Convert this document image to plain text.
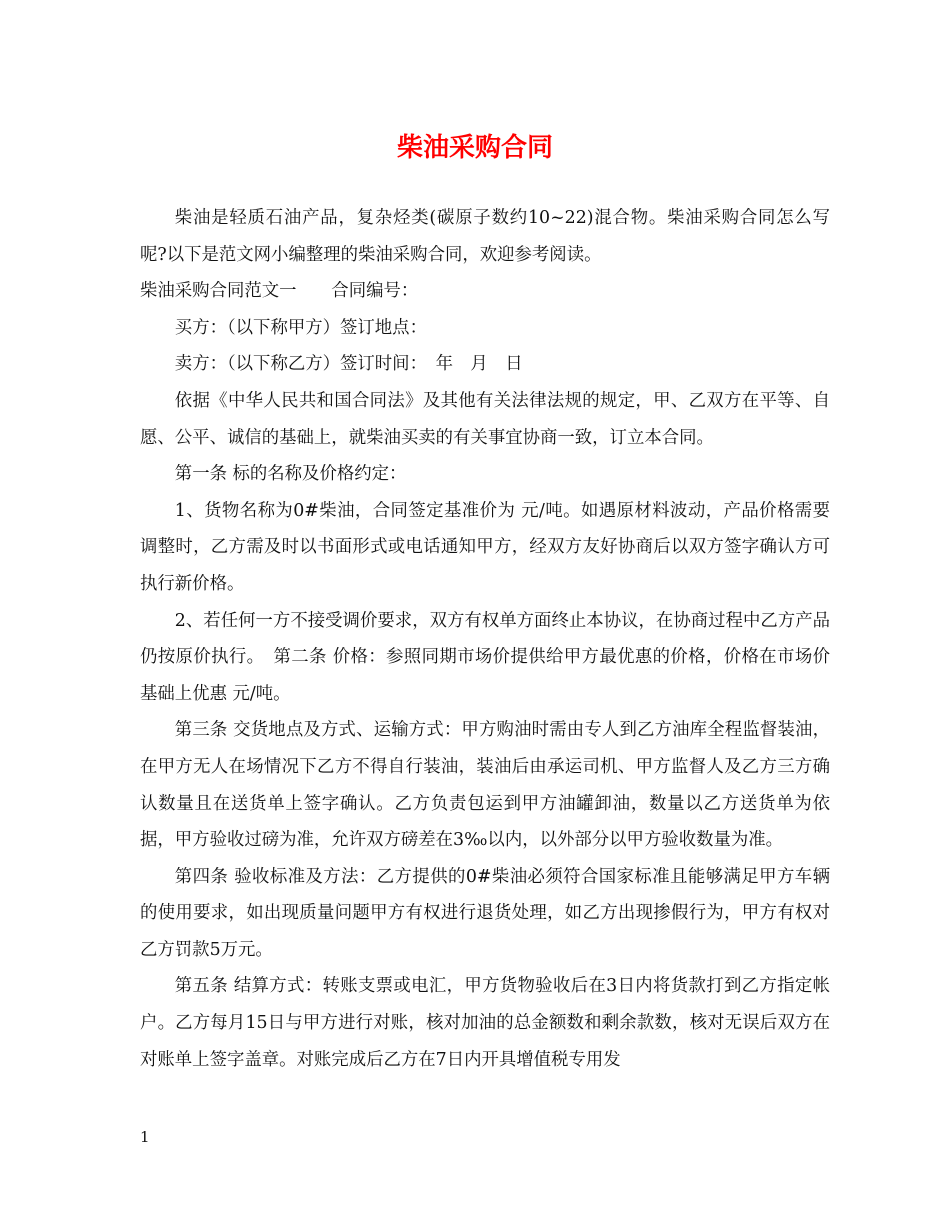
柴油采购合同

柴油是轻质石油产品，复杂烃类(碳原子数约10~22)混合物。柴油采购合同怎么写呢?以下是范文网小编整理的柴油采购合同，欢迎参考阅读。

柴油采购合同范文一　　合同编号：

买方：（以下称甲方）签订地点：

卖方：（以下称乙方）签订时间：　年　月　日

依据《中华人民共和国合同法》及其他有关法律法规的规定，甲、乙双方在平等、自愿、公平、诚信的基础上，就柴油买卖的有关事宜协商一致，订立本合同。

第一条 标的名称及价格约定：

1、货物名称为0#柴油，合同签定基准价为 元/吨。如遇原材料波动，产品价格需要调整时，乙方需及时以书面形式或电话通知甲方，经双方友好协商后以双方签字确认方可执行新价格。

2、若任何一方不接受调价要求，双方有权单方面终止本协议，在协商过程中乙方产品仍按原价执行。　第二条 价格：参照同期市场价提供给甲方最优惠的价格，价格在市场价基础上优惠 元/吨。

第三条 交货地点及方式、运输方式：甲方购油时需由专人到乙方油库全程监督装油，在甲方无人在场情况下乙方不得自行装油，装油后由承运司机、甲方监督人及乙方三方确认数量且在送货单上签字确认。乙方负责包运到甲方油罐卸油，数量以乙方送货单为依据，甲方验收过磅为准，允许双方磅差在3‰以内，以外部分以甲方验收数量为准。

第四条 验收标准及方法：乙方提供的0#柴油必须符合国家标准且能够满足甲方车辆的使用要求，如出现质量问题甲方有权进行退货处理，如乙方出现掺假行为，甲方有权对乙方罚款5万元。

第五条 结算方式：转账支票或电汇，甲方货物验收后在3日内将货款打到乙方指定帐户。乙方每月15日与甲方进行对账，核对加油的总金额数和剩余款数，核对无误后双方在对账单上签字盖章。对账完成后乙方在7日内开具增值税专用发

1
